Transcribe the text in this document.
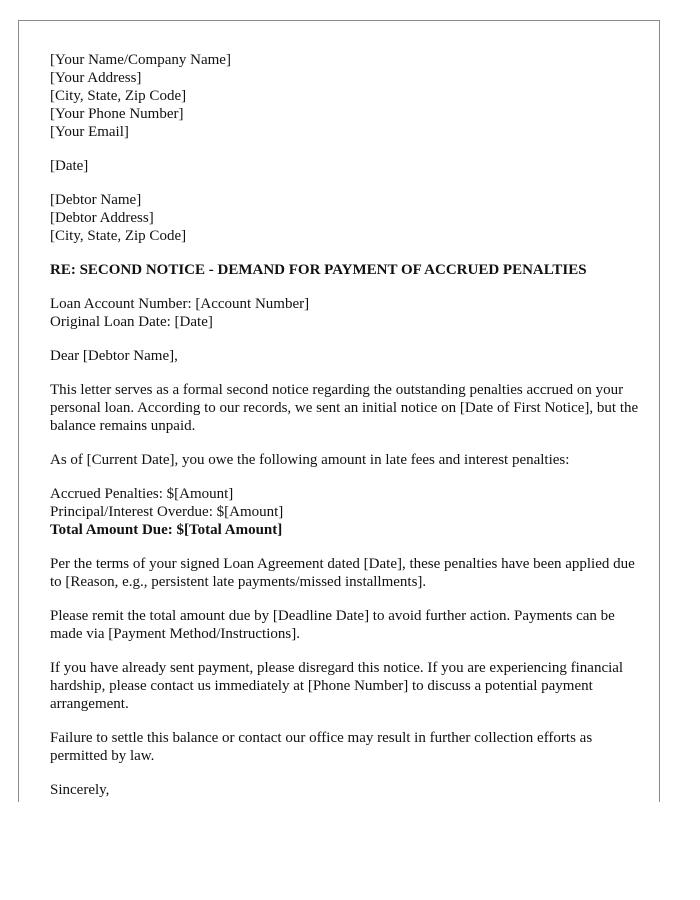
[Your Name/Company Name]
[Your Address]
[City, State, Zip Code]
[Your Phone Number]
[Your Email]
[Date]
[Debtor Name]
[Debtor Address]
[City, State, Zip Code]
RE: SECOND NOTICE - DEMAND FOR PAYMENT OF ACCRUED PENALTIES
Loan Account Number: [Account Number]
Original Loan Date: [Date]
Dear [Debtor Name],

This letter serves as a formal second notice regarding the outstanding penalties accrued on your personal loan. According to our records, we sent an initial notice on [Date of First Notice], but the balance remains unpaid.

As of [Current Date], you owe the following amount in late fees and interest penalties:

Accrued Penalties: $[Amount]
Principal/Interest Overdue: $[Amount]
Total Amount Due: $[Total Amount]

Per the terms of your signed Loan Agreement dated [Date], these penalties have been applied due to [Reason, e.g., persistent late payments/missed installments].

Please remit the total amount due by [Deadline Date] to avoid further action. Payments can be made via [Payment Method/Instructions].

If you have already sent payment, please disregard this notice. If you are experiencing financial hardship, please contact us immediately at [Phone Number] to discuss a potential payment arrangement.

Failure to settle this balance or contact our office may result in further collection efforts as permitted by law.

Sincerely,
